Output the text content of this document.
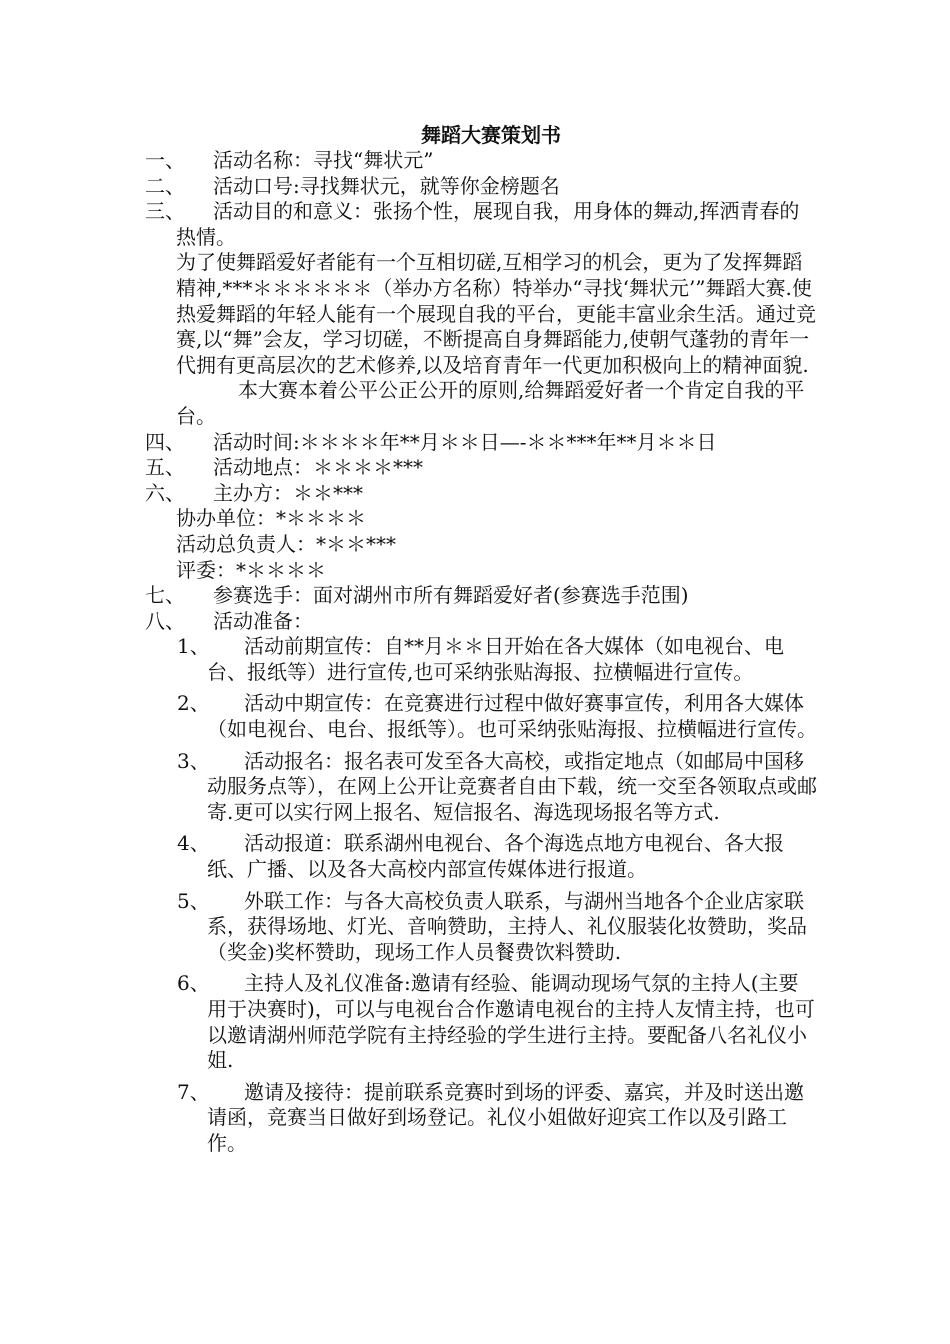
舞蹈大赛策划书
一、	活动名称：寻找“舞状元”
二、	活动口号:寻找舞状元，就等你金榜题名
三、	活动目的和意义：张扬个性，展现自我，用身体的舞动,挥洒青春的热情。
为了使舞蹈爱好者能有一个互相切磋,互相学习的机会，更为了发挥舞蹈精神,***＊＊＊＊＊＊（举办方名称）特举办“寻找‘舞状元’”舞蹈大赛.使热爱舞蹈的年轻人能有一个展现自我的平台，更能丰富业余生活。通过竞赛,以“舞”会友，学习切磋，不断提高自身舞蹈能力,使朝气蓬勃的青年一代拥有更高层次的艺术修养,以及培育青年一代更加积极向上的精神面貌.
本大赛本着公平公正公开的原则,给舞蹈爱好者一个肯定自我的平台。
四、	活动时间:＊＊＊＊年**月＊＊日—-＊＊***年**月＊＊日
五、	活动地点：＊＊＊＊***
六、	主办方：＊＊***
协办单位：*＊＊＊＊
活动总负责人：*＊＊***
评委：*＊＊＊＊
七、	参赛选手：面对湖州市所有舞蹈爱好者(参赛选手范围)
八、	活动准备：
1、	活动前期宣传：自**月＊＊日开始在各大媒体（如电视台、电台、报纸等）进行宣传,也可采纳张贴海报、拉横幅进行宣传。
2、	活动中期宣传：在竞赛进行过程中做好赛事宣传，利用各大媒体（如电视台、电台、报纸等）。也可采纳张贴海报、拉横幅进行宣传。
3、	活动报名：报名表可发至各大高校，或指定地点（如邮局中国移动服务点等），在网上公开让竞赛者自由下载，统一交至各领取点或邮寄.更可以实行网上报名、短信报名、海选现场报名等方式.
4、	活动报道：联系湖州电视台、各个海选点地方电视台、各大报纸、广播、以及各大高校内部宣传媒体进行报道。
5、	外联工作：与各大高校负责人联系，与湖州当地各个企业店家联系，获得场地、灯光、音响赞助，主持人、礼仪服装化妆赞助，奖品（奖金)奖杯赞助，现场工作人员餐费饮料赞助.
6、	主持人及礼仪准备:邀请有经验、能调动现场气氛的主持人(主要用于决赛时)，可以与电视台合作邀请电视台的主持人友情主持，也可以邀请湖州师范学院有主持经验的学生进行主持。要配备八名礼仪小姐.
7、	邀请及接待：提前联系竞赛时到场的评委、嘉宾，并及时送出邀请函，竞赛当日做好到场登记。礼仪小姐做好迎宾工作以及引路工作。
